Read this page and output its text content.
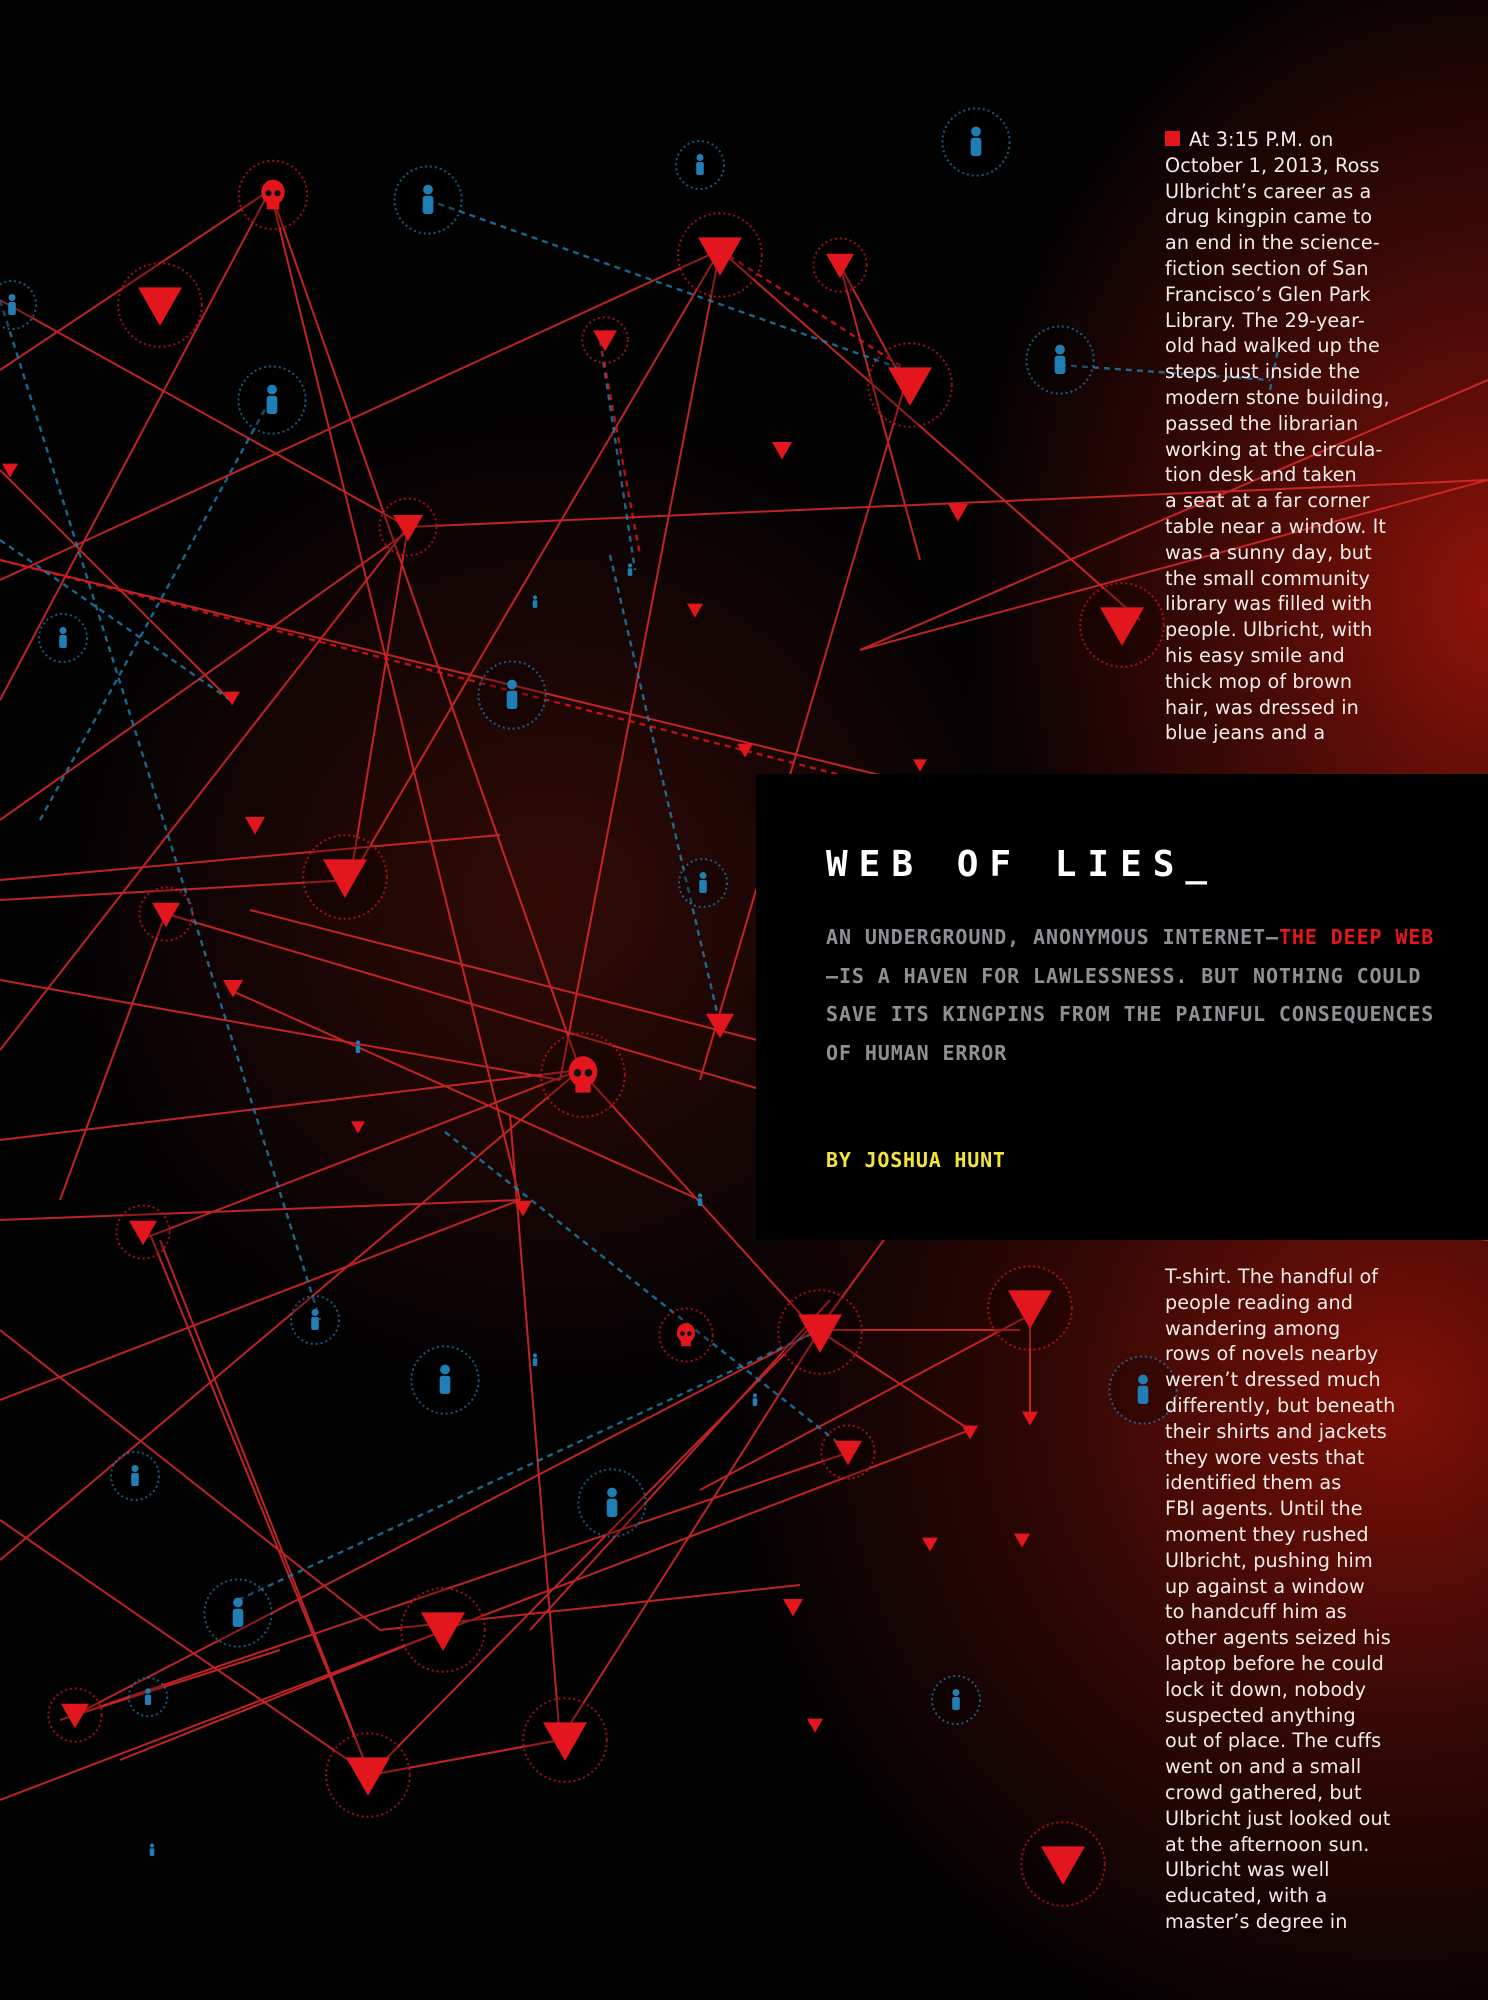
At 3:15 P.M. on
October 1, 2013, Ross
Ulbricht’s career as a
drug kingpin came to
an end in the science-
fiction section of San
Francisco’s Glen Park
Library. The 29-year-
old had walked up the
steps just inside the
modern stone building,
passed the librarian
working at the circula-
tion desk and taken
a seat at a far corner
table near a window. It
was a sunny day, but
the small community
library was filled with
people. Ulbricht, with
his easy smile and
thick mop of brown
hair, was dressed in
blue jeans and a
WEB OF LIES_

AN UNDERGROUND, ANONYMOUS INTERNET—THE DEEP WEB—IS A HAVEN FOR LAWLESSNESS. BUT NOTHING COULD SAVE ITS KINGPINS FROM THE PAINFUL CONSEQUENCES OF HUMAN ERROR

BY JOSHUA HUNT

T-shirt. The handful of
people reading and
wandering among
rows of novels nearby
weren’t dressed much
differently, but beneath
their shirts and jackets
they wore vests that
identified them as
FBI agents. Until the
moment they rushed
Ulbricht, pushing him
up against a window
to handcuff him as
other agents seized his
laptop before he could
lock it down, nobody
suspected anything
out of place. The cuffs
went on and a small
crowd gathered, but
Ulbricht just looked out
at the afternoon sun.
Ulbricht was well
educated, with a
master’s degree in
